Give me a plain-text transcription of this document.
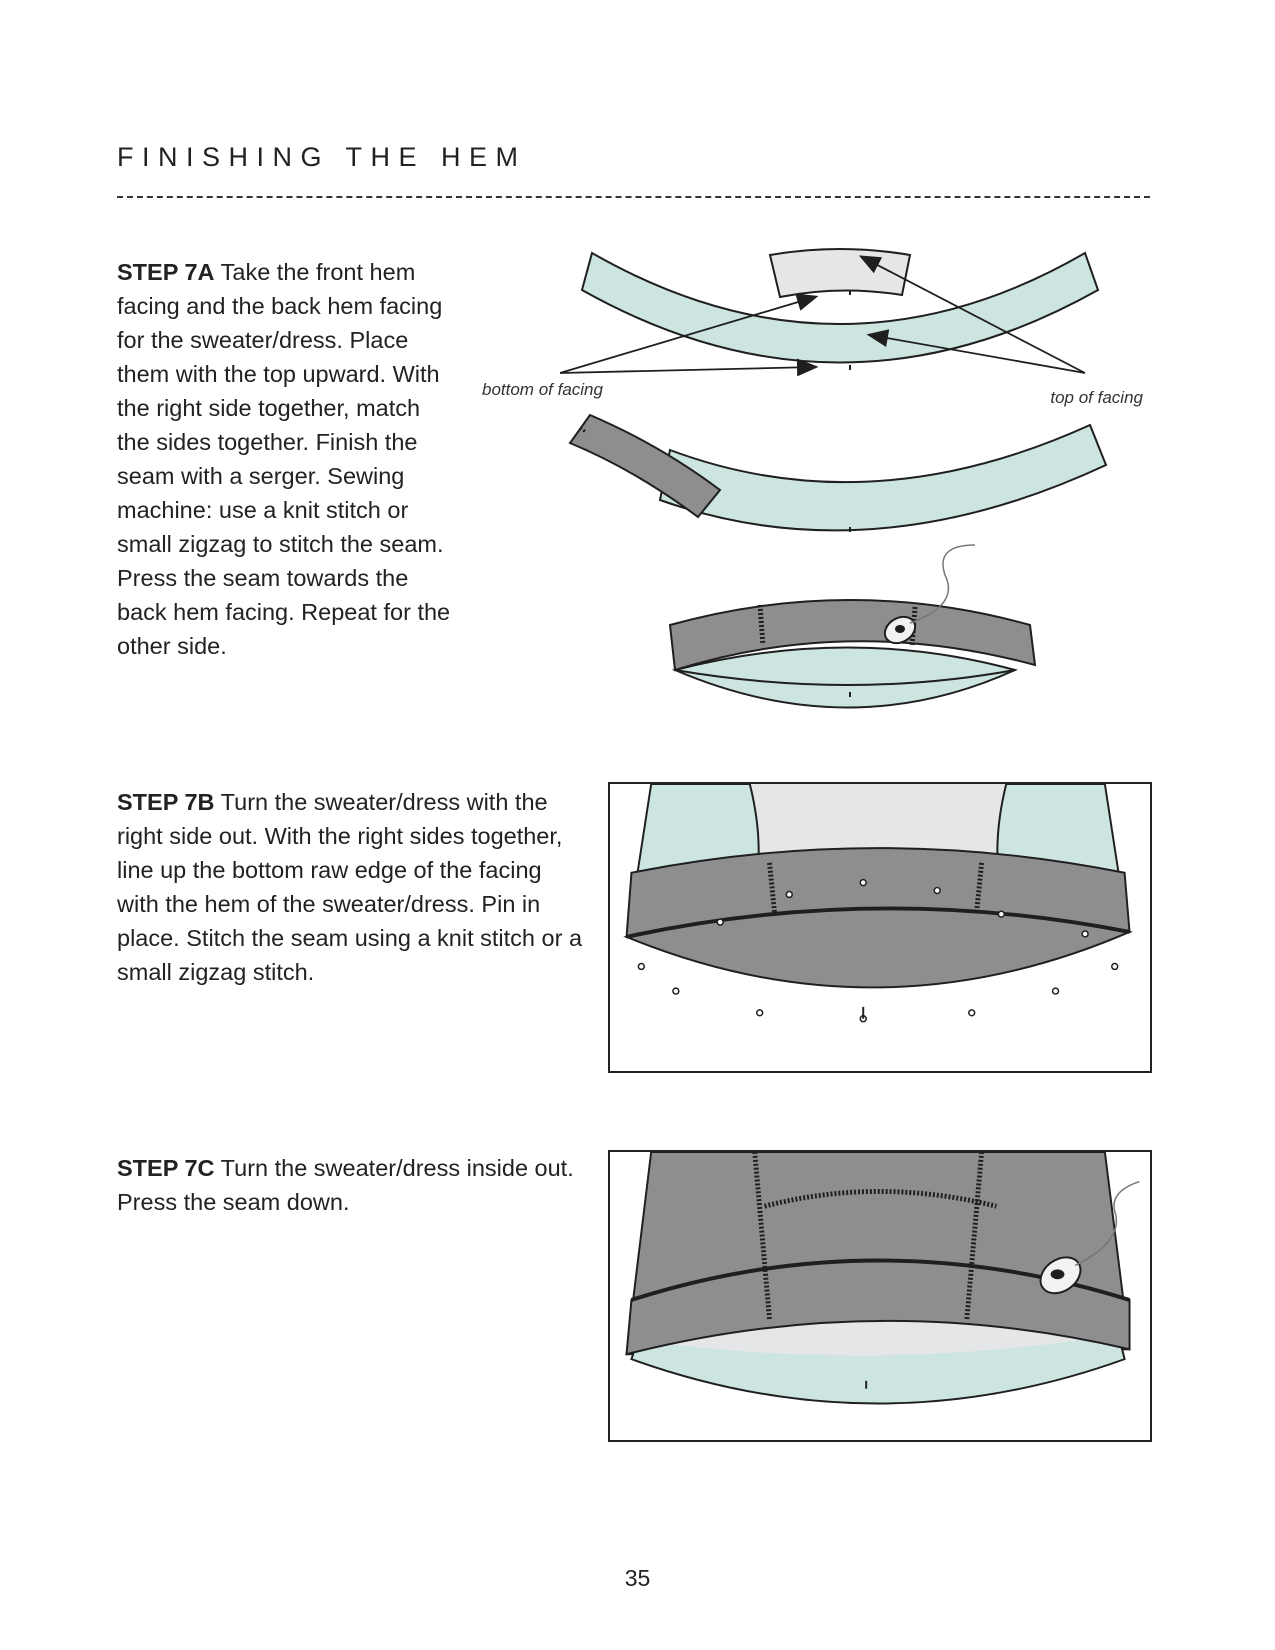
FINISHING THE HEM

STEP 7A Take the front hem facing and the back hem facing for the sweater/dress. Place them with the top upward. With the right side together, match the sides together. Finish the seam with a serger. Sewing machine: use a knit stitch or small zigzag to stitch the seam. Press the seam towards the back hem facing. Repeat for the other side.

STEP 7B Turn the sweater/dress with the right side out. With the right sides together, line up the bottom raw edge of the facing with the hem of the sweater/dress. Pin in place. Stitch the seam using a knit stitch or a small zigzag stitch.

STEP 7C Turn the sweater/dress inside out. Press the seam down.

bottom of facing	top of facing
35
